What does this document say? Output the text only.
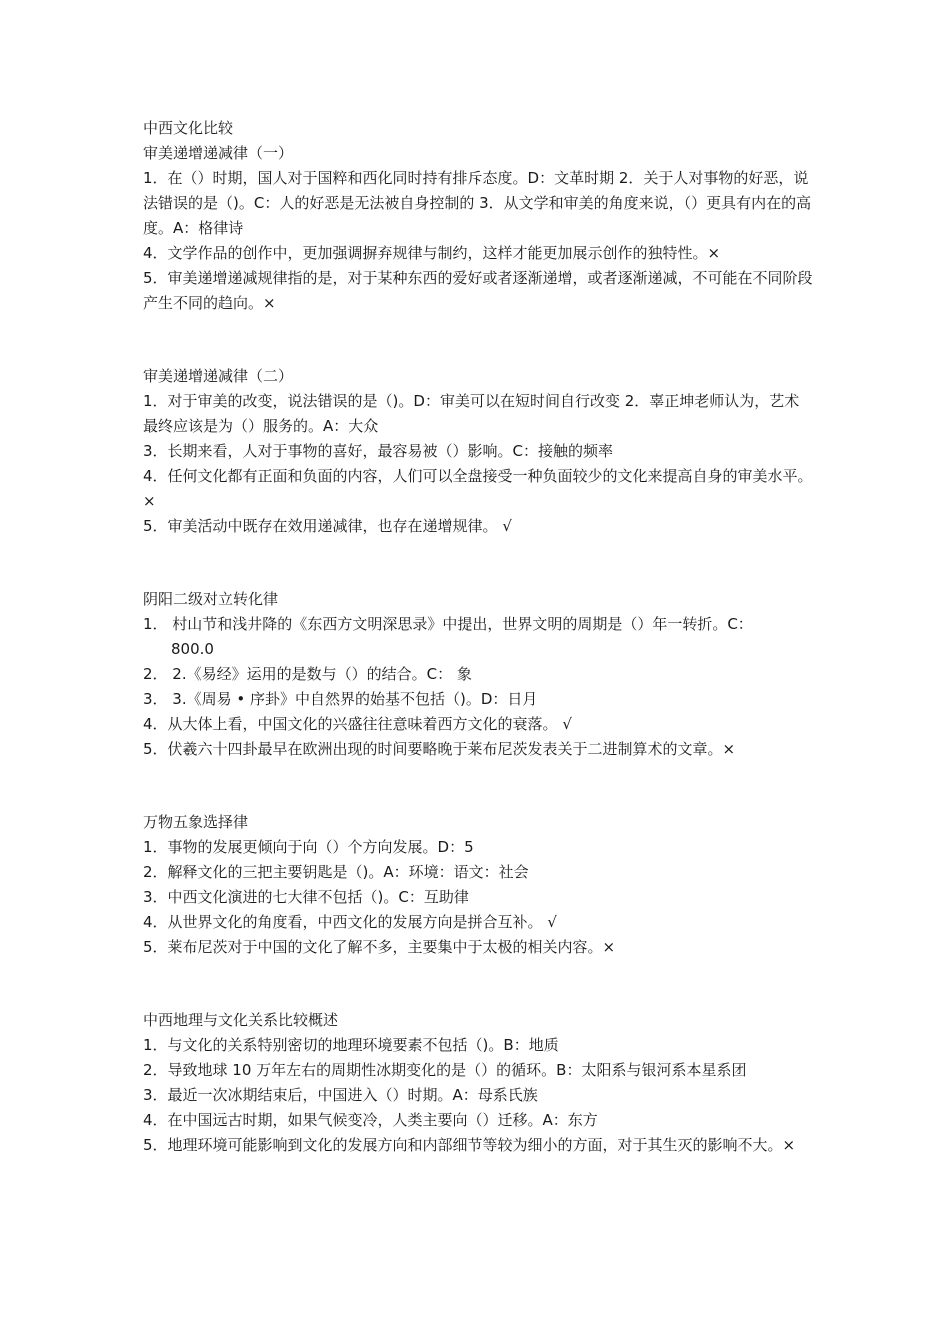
中西文化比较

审美递增递减律（一）

1．在（）时期，国人对于国粹和西化同时持有排斥态度。D：文革时期 2．关于人对事物的好恶，说法错误的是（)。C：人的好恶是无法被自身控制的 3．从文学和审美的角度来说，（）更具有内在的高度。A：格律诗

4．文学作品的创作中，更加强调摒弃规律与制约，这样才能更加展示创作的独特性。×

5．审美递增递减规律指的是，对于某种东西的爱好或者逐渐递增，或者逐渐递减，不可能在不同阶段产生不同的趋向。×

审美递增递减律（二）

1．对于审美的改变，说法错误的是（)。D：审美可以在短时间自行改变 2．辜正坤老师认为，艺术最终应该是为（）服务的。A：大众

3．长期来看，人对于事物的喜好，最容易被（）影响。C：接触的频率

4．任何文化都有正面和负面的内容，人们可以全盘接受一种负面较少的文化来提高自身的审美水平。×

5．审美活动中既存在效用递减律，也存在递增规律。 √

阴阳二级对立转化律

1． 村山节和浅井降的《东西方文明深思录》中提出，世界文明的周期是（）年一转折。C：

800.0

2． 2.《易经》运用的是数与（）的结合。C： 象

3． 3.《周易 • 序卦》中自然界的始基不包括（)。D：日月

4．从大体上看，中国文化的兴盛往往意味着西方文化的衰落。 √

5．伏羲六十四卦最早在欧洲出现的时间要略晚于莱布尼茨发表关于二进制算术的文章。×

万物五象选择律

1．事物的发展更倾向于向（）个方向发展。D：5

2．解释文化的三把主要钥匙是（)。A：环境：语文：社会

3．中西文化演进的七大律不包括（)。C：互助律

4．从世界文化的角度看，中西文化的发展方向是拼合互补。 √

5．莱布尼茨对于中国的文化了解不多，主要集中于太极的相关内容。×

中西地理与文化关系比较概述

1．与文化的关系特别密切的地理环境要素不包括（)。B：地质

2．导致地球 10 万年左右的周期性冰期变化的是（）的循环。B：太阳系与银河系本星系团

3．最近一次冰期结束后，中国进入（）时期。A：母系氏族

4．在中国远古时期，如果气候变冷，人类主要向（）迁移。A：东方

5．地理环境可能影响到文化的发展方向和内部细节等较为细小的方面，对于其生灭的影响不大。×
